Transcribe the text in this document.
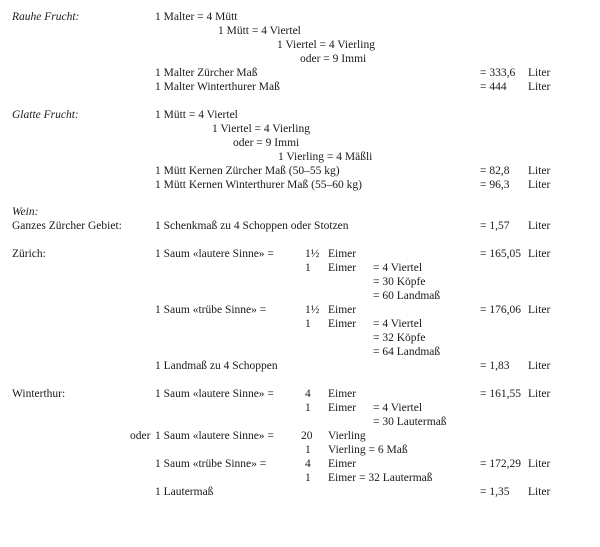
Rauhe Frucht:	1 Malter = 4 Mütt
1 Mütt = 4 Viertel
1 Viertel = 4 Vierling
oder = 9 Immi
1 Malter Zürcher Maß	= 333,6 Liter
1 Malter Winterthurer Maß	= 444 Liter
Glatte Frucht:	1 Mütt = 4 Viertel
1 Viertel = 4 Vierling
oder = 9 Immi
1 Vierling = 4 Mäßli
1 Mütt Kernen Zürcher Maß (50–55 kg)	= 82,8 Liter
1 Mütt Kernen Winterthurer Maß (55–60 kg)	= 96,3 Liter
Wein:
Ganzes Zürcher Gebiet:	1 Schenkmaß zu 4 Schoppen oder Stotzen	= 1,57 Liter
Zürich:	1 Saum «lautere Sinne» =	1½ Eimer	= 165,05 Liter
1 Eimer = 4 Viertel
= 30 Köpfe
= 60 Landmaß
1 Saum «trübe Sinne» =	1½ Eimer	= 176,06 Liter
1 Eimer = 4 Viertel
= 32 Köpfe
= 64 Landmaß
1 Landmaß zu 4 Schoppen	= 1,83 Liter
Winterthur:	1 Saum «lautere Sinne» =	4 Eimer	= 161,55 Liter
1 Eimer = 4 Viertel
= 30 Lautermaß
oder 1 Saum «lautere Sinne» = 20 Vierling
1 Vierling = 6 Maß
1 Saum «trübe Sinne» =	4 Eimer	= 172,29 Liter
1 Eimer = 32 Lautermaß
1 Lautermaß	= 1,35 Liter
